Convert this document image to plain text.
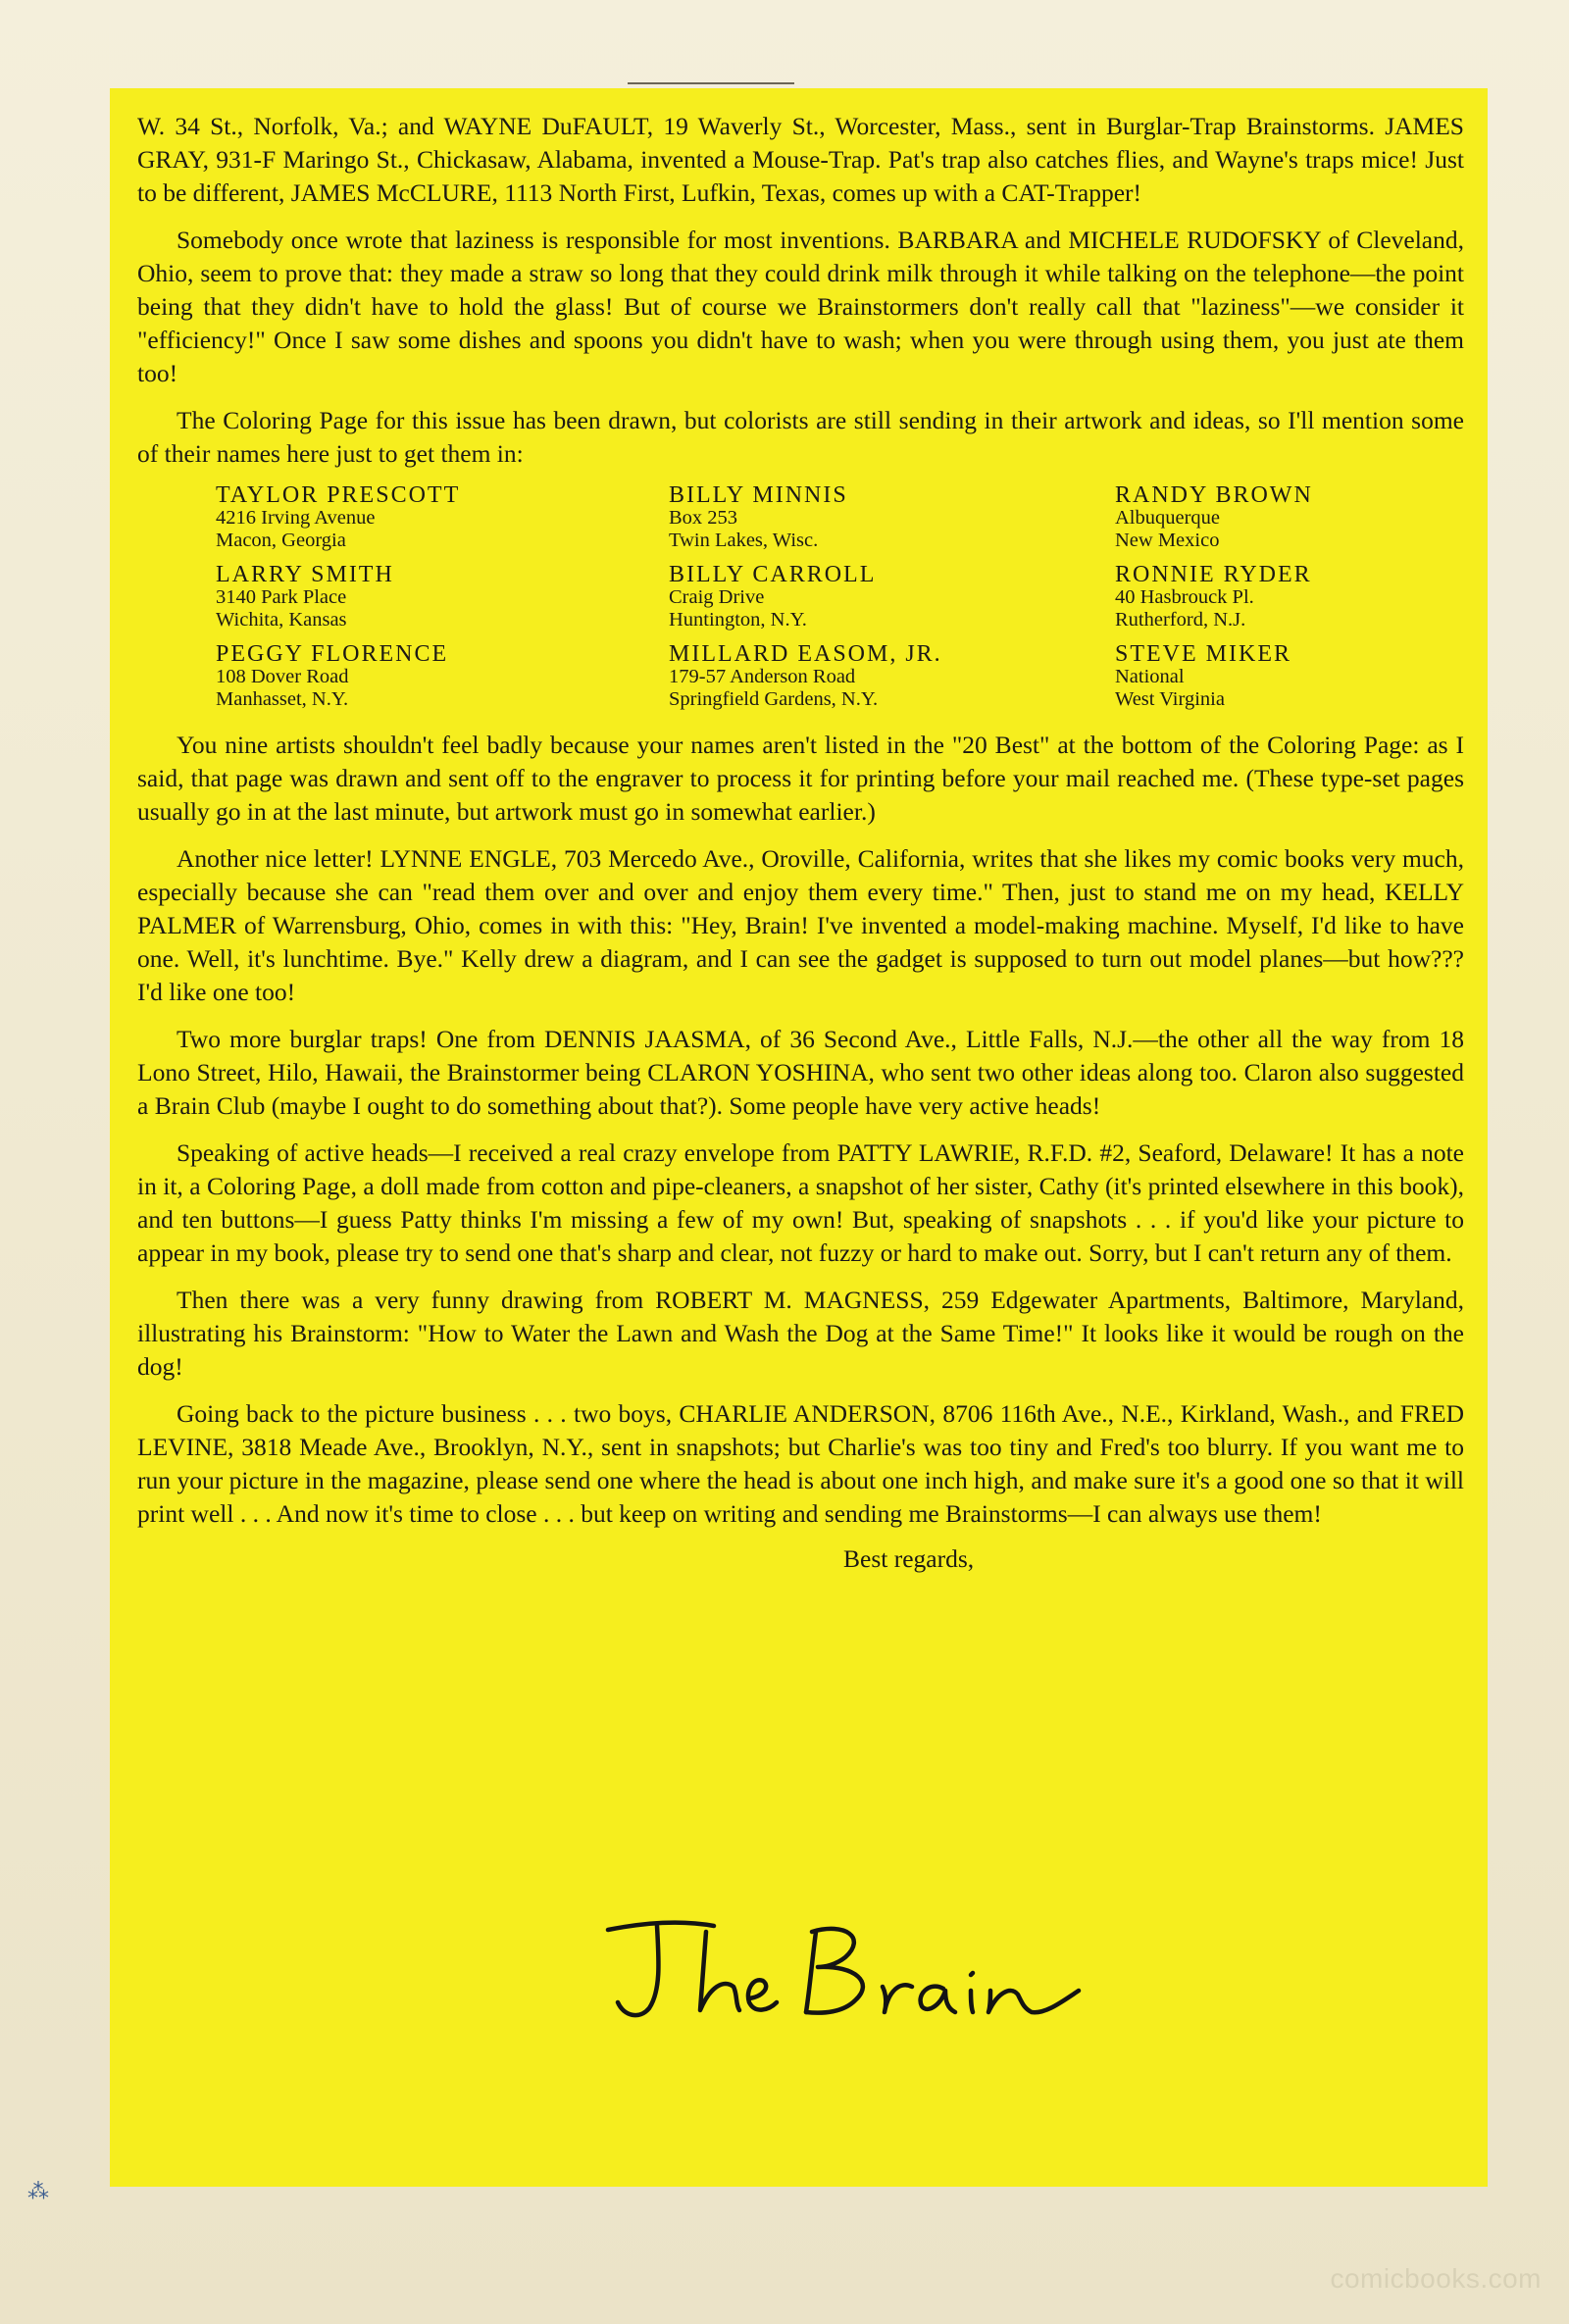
W. 34 St., Norfolk, Va.; and WAYNE DuFAULT, 19 Waverly St., Worcester, Mass., sent in Burglar-Trap Brainstorms. JAMES GRAY, 931-F Maringo St., Chickasaw, Alabama, invented a Mouse-Trap. Pat's trap also catches flies, and Wayne's traps mice! Just to be different, JAMES McCLURE, 1113 North First, Lufkin, Texas, comes up with a CAT-Trapper!

Somebody once wrote that laziness is responsible for most inventions. BARBARA and MICHELE RUDOFSKY of Cleveland, Ohio, seem to prove that: they made a straw so long that they could drink milk through it while talking on the telephone—the point being that they didn't have to hold the glass! But of course we Brainstormers don't really call that "laziness"—we consider it "efficiency!" Once I saw some dishes and spoons you didn't have to wash; when you were through using them, you just ate them too!

The Coloring Page for this issue has been drawn, but colorists are still sending in their artwork and ideas, so I'll mention some of their names here just to get them in:

TAYLOR PRESCOTT
4216 Irving Avenue
Macon, Georgia
BILLY MINNIS
Box 253
Twin Lakes, Wisc.
RANDY BROWN
Albuquerque
New Mexico
LARRY SMITH
3140 Park Place
Wichita, Kansas
BILLY CARROLL
Craig Drive
Huntington, N.Y.
RONNIE RYDER
40 Hasbrouck Pl.
Rutherford, N.J.
PEGGY FLORENCE
108 Dover Road
Manhasset, N.Y.
MILLARD EASOM, JR.
179-57 Anderson Road
Springfield Gardens, N.Y.
STEVE MIKER
National
West Virginia

You nine artists shouldn't feel badly because your names aren't listed in the "20 Best" at the bottom of the Coloring Page: as I said, that page was drawn and sent off to the engraver to process it for printing before your mail reached me. (These type-set pages usually go in at the last minute, but artwork must go in somewhat earlier.)

Another nice letter! LYNNE ENGLE, 703 Mercedo Ave., Oroville, California, writes that she likes my comic books very much, especially because she can "read them over and over and enjoy them every time." Then, just to stand me on my head, KELLY PALMER of Warrensburg, Ohio, comes in with this: "Hey, Brain! I've invented a model-making machine. Myself, I'd like to have one. Well, it's lunchtime. Bye." Kelly drew a diagram, and I can see the gadget is supposed to turn out model planes—but how??? I'd like one too!

Two more burglar traps! One from DENNIS JAASMA, of 36 Second Ave., Little Falls, N.J.—the other all the way from 18 Lono Street, Hilo, Hawaii, the Brainstormer being CLARON YOSHINA, who sent two other ideas along too. Claron also suggested a Brain Club (maybe I ought to do something about that?). Some people have very active heads!

Speaking of active heads—I received a real crazy envelope from PATTY LAWRIE, R.F.D. #2, Seaford, Delaware! It has a note in it, a Coloring Page, a doll made from cotton and pipe-cleaners, a snapshot of her sister, Cathy (it's printed elsewhere in this book), and ten buttons—I guess Patty thinks I'm missing a few of my own! But, speaking of snapshots . . . if you'd like your picture to appear in my book, please try to send one that's sharp and clear, not fuzzy or hard to make out. Sorry, but I can't return any of them.

Then there was a very funny drawing from ROBERT M. MAGNESS, 259 Edgewater Apartments, Baltimore, Maryland, illustrating his Brainstorm: "How to Water the Lawn and Wash the Dog at the Same Time!" It looks like it would be rough on the dog!

Going back to the picture business . . . two boys, CHARLIE ANDERSON, 8706 116th Ave., N.E., Kirkland, Wash., and FRED LEVINE, 3818 Meade Ave., Brooklyn, N.Y., sent in snapshots; but Charlie's was too tiny and Fred's too blurry. If you want me to run your picture in the magazine, please send one where the head is about one inch high, and make sure it's a good one so that it will print well . . . And now it's time to close . . . but keep on writing and sending me Brainstorms—I can always use them!

Best regards,
⁂
comicbooks.com
